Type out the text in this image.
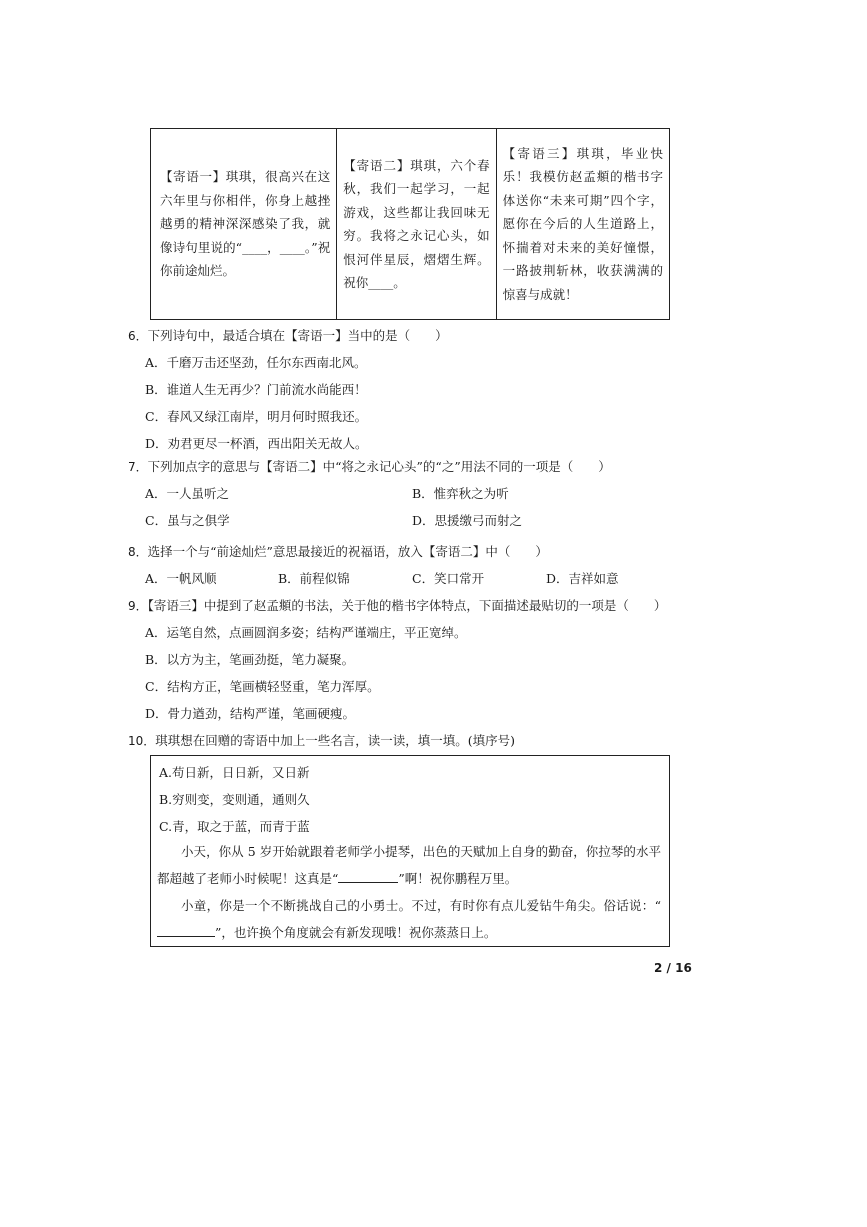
【寄语一】琪琪，很高兴在这六年里与你相伴，你身上越挫越勇的精神深深感染了我，就像诗句里说的“____，____。”祝你前途灿烂。

【寄语二】琪琪，六个春秋，我们一起学习，一起游戏，这些都让我回味无穷。我将之永记心头，如恨河伴星辰，熠熠生辉。祝你____。

【寄语三】琪琪，毕业快乐！我模仿赵孟頫的楷书字体送你“未来可期”四个字，愿你在今后的人生道路上，怀揣着对未来的美好憧憬，一路披荆斩林，收获满满的惊喜与成就！

6．下列诗句中，最适合填在【寄语一】当中的是（　　）
A．千磨万击还坚劲，任尔东西南北风。
B．谁道人生无再少？门前流水尚能西！
C．春风又绿江南岸，明月何时照我还。
D．劝君更尽一杯酒，西出阳关无故人。
7．下列加点字的意思与【寄语二】中“将之永记心头”的“之”用法不同的一项是（　　）
A．一人虽听之	B．惟弈秋之为听
C．虽与之俱学	D．思援缴弓而射之
8．选择一个与“前途灿烂”意思最接近的祝福语，放入【寄语二】中（　　）
A．一帆风顺	B．前程似锦	C．笑口常开	D．吉祥如意
9．【寄语三】中提到了赵孟頫的书法，关于他的楷书字体特点，下面描述最贴切的一项是（　　）
A．运笔自然，点画圆润多姿；结构严谨端庄，平正宽绰。
B．以方为主，笔画劲挺，笔力凝聚。
C．结构方正，笔画横轻竖重，笔力浑厚。
D．骨力遒劲，结构严谨，笔画硬瘦。
10．琪琪想在回赠的寄语中加上一些名言，读一读，填一填。(填序号)
A.苟日新，日日新，又日新
B.穷则变，变则通，通则久
C.青，取之于蓝，而青于蓝
小天，你从 5 岁开始就跟着老师学小提琴，出色的天赋加上自身的勤奋，你拉琴的水平都超越了老师小时候呢！这真是“	”啊！祝你鹏程万里。
小童，你是一个不断挑战自己的小勇士。不过，有时你有点儿爱钻牛角尖。俗话说：“”，也许换个角度就会有新发现哦！祝你蒸蒸日上。
2 / 16
